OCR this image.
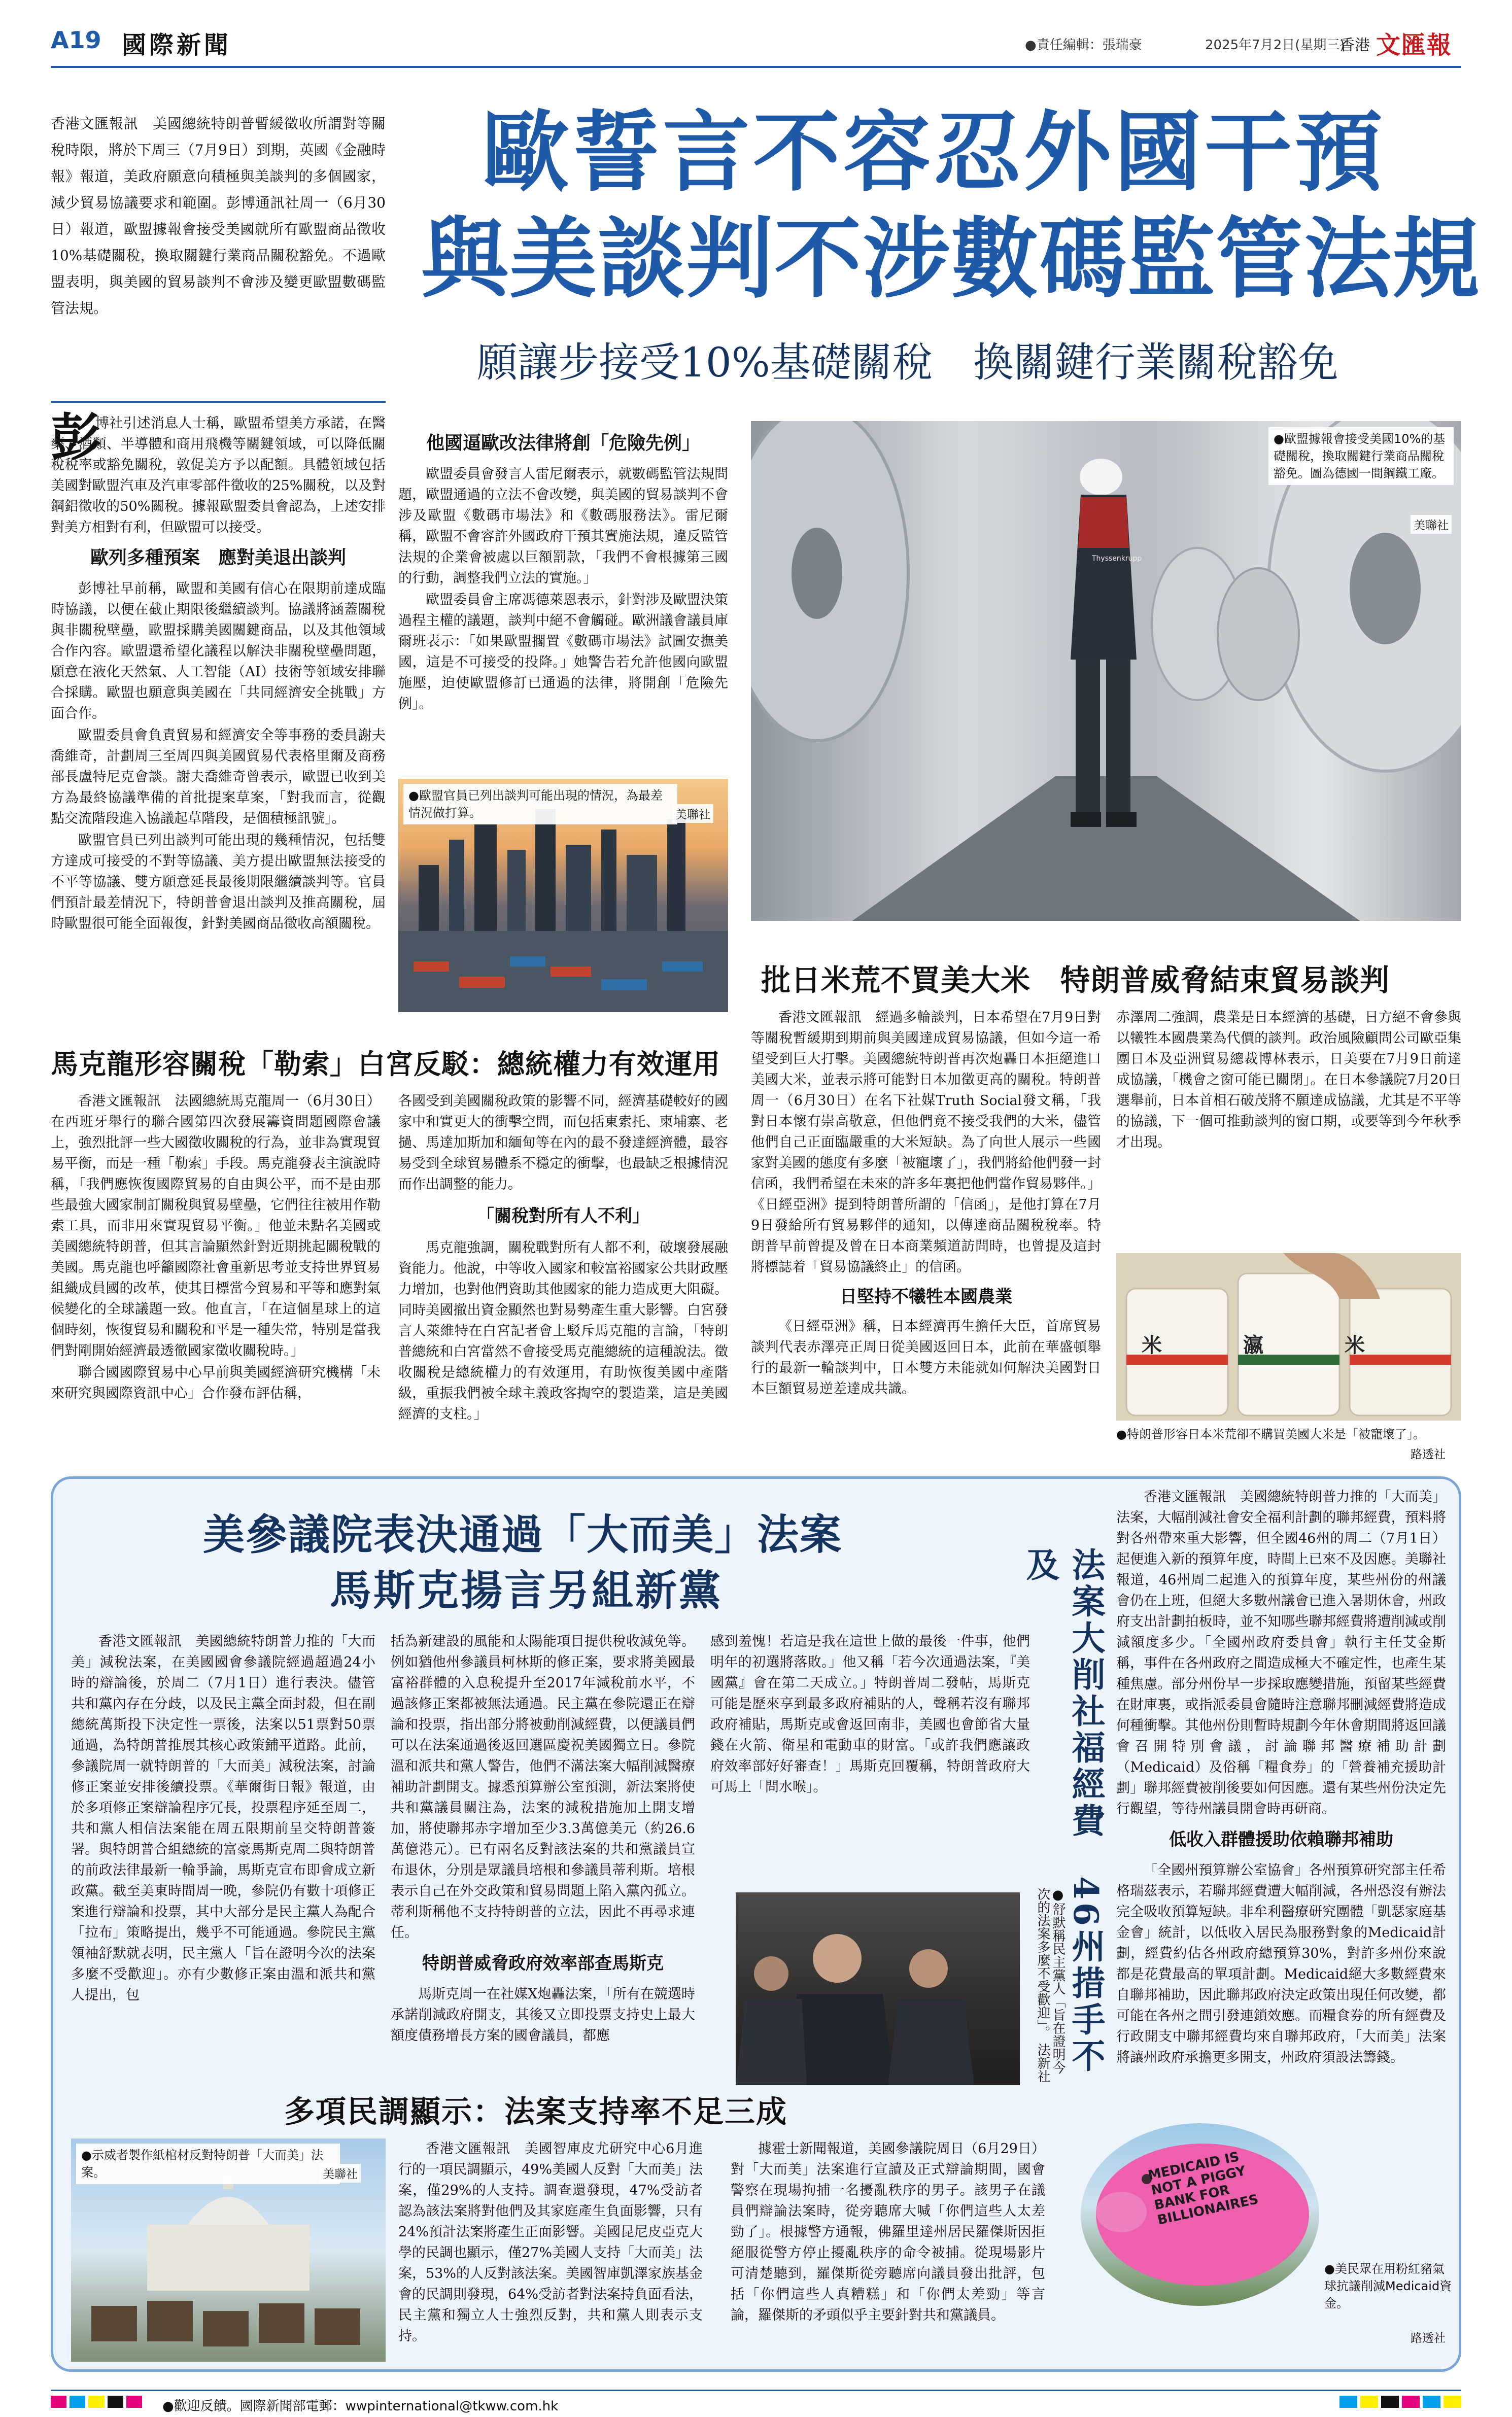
A19 國際新聞	●責任編輯：張瑞豪	2025年7月2日(星期三)
香港 文匯報
香港文匯報訊　美國總統特朗普暫緩徵收所謂對等關稅時限，將於下周三（7月9日）到期，英國《金融時報》報道，美政府願意向積極與美談判的多個國家，減少貿易協議要求和範圍。彭博通訊社周一（6月30日）報道，歐盟據報會接受美國就所有歐盟商品徵收10%基礎關稅，換取關鍵行業商品關稅豁免。不過歐盟表明，與美國的貿易談判不會涉及變更歐盟數碼監管法規。
歐誓言不容忍外國干預
與美談判不涉數碼監管法規
願讓步接受10%基礎關稅　換關鍵行業關稅豁免
彭

博社引述消息人士稱，歐盟希望美方承諾，在醫藥、酒類、半導體和商用飛機等關鍵領域，可以降低關稅稅率或豁免關稅，敦促美方予以配額。具體領域包括美國對歐盟汽車及汽車零部件徵收的25%關稅，以及對鋼鋁徵收的50%關稅。據報歐盟委員會認為，上述安排對美方相對有利，但歐盟可以接受。

歐列多種預案　應對美退出談判

彭博社早前稱，歐盟和美國有信心在限期前達成臨時協議，以便在截止期限後繼續談判。協議將涵蓋關稅與非關稅壁壘，歐盟採購美國關鍵商品，以及其他領域合作內容。歐盟還希望化議程以解決非關稅壁壘問題，願意在液化天然氣、人工智能（AI）技術等領域安排聯合採購。歐盟也願意與美國在「共同經濟安全挑戰」方面合作。

歐盟委員會負責貿易和經濟安全等事務的委員謝夫喬維奇，計劃周三至周四與美國貿易代表格里爾及商務部長盧特尼克會談。謝夫喬維奇曾表示，歐盟已收到美方為最終協議準備的首批提案草案，「對我而言，從觀點交流階段進入協議起草階段，是個積極訊號」。

歐盟官員已列出談判可能出現的幾種情況，包括雙方達成可接受的不對等協議、美方提出歐盟無法接受的不平等協議、雙方願意延長最後期限繼續談判等。官員們預計最差情況下，特朗普會退出談判及推高關稅，屆時歐盟很可能全面報復，針對美國商品徵收高額關稅。

他國逼歐改法律將創「危險先例」

歐盟委員會發言人雷尼爾表示，就數碼監管法規問題，歐盟通過的立法不會改變，與美國的貿易談判不會涉及歐盟《數碼市場法》和《數碼服務法》。雷尼爾稱，歐盟不會容許外國政府干預其實施法規，違反監管法規的企業會被處以巨額罰款，「我們不會根據第三國的行動，調整我們立法的實施。」

歐盟委員會主席馮德萊恩表示，針對涉及歐盟決策過程主權的議題，談判中絕不會觸碰。歐洲議會議員庫爾班表示：「如果歐盟擱置《數碼市場法》試圖安撫美國，這是不可接受的投降。」她警告若允許他國向歐盟施壓，迫使歐盟修訂已通過的法律，將開創「危險先例」。

●歐盟官員已列出談判可能出現的情況，為最差情況做打算。	美聯社
Thyssenkrupp
●歐盟據報會接受美國10%的基礎關稅，換取關鍵行業商品關稅豁免。圖為德國一間鋼鐵工廠。
美聯社
馬克龍形容關稅「勒索」白宮反駁：總統權力有效運用

香港文匯報訊　法國總統馬克龍周一（6月30日）在西班牙舉行的聯合國第四次發展籌資問題國際會議上，強烈批評一些大國徵收關稅的行為，並非為實現貿易平衡，而是一種「勒索」手段。馬克龍發表主演說時稱，「我們應恢復國際貿易的自由與公平，而不是由那些最強大國家制訂關稅與貿易壁壘，它們往往被用作勒索工具，而非用來實現貿易平衡。」他並未點名美國或美國總統特朗普，但其言論顯然針對近期挑起關稅戰的美國。馬克龍也呼籲國際社會重新思考並支持世界貿易組織成員國的改革，使其目標當今貿易和平等和應對氣候變化的全球議題一致。他直言，「在這個星球上的這個時刻，恢復貿易和關稅和平是一種失常，特別是當我們對剛開始經濟最透徹國家徵收關稅時。」

聯合國國際貿易中心早前與美國經濟研究機構「未來研究與國際資訊中心」合作發布評估稱，

各國受到美國關稅政策的影響不同，經濟基礎較好的國家中和實更大的衝擊空間，而包括東索托、柬埔寨、老撾、馬達加斯加和緬甸等在內的最不發達經濟體，最容易受到全球貿易體系不穩定的衝擊，也最缺乏根據情況而作出調整的能力。

「關稅對所有人不利」

馬克龍強調，關稅戰對所有人都不利，破壞發展融資能力。他說，中等收入國家和較富裕國家公共財政壓力增加，也對他們資助其他國家的能力造成更大阻礙。同時美國撤出資金顯然也對易勢產生重大影響。白宮發言人萊維特在白宮記者會上駁斥馬克龍的言論，「特朗普總統和白宮當然不會接受馬克龍總統的這種說法。徵收關稅是總統權力的有效運用，有助恢復美國中產階級，重振我們被全球主義政客掏空的製造業，這是美國經濟的支柱。」

批日米荒不買美大米　特朗普威脅結束貿易談判

香港文匯報訊　經過多輪談判，日本希望在7月9日對等關稅暫緩期到期前與美國達成貿易協議，但如今這一希望受到巨大打擊。美國總統特朗普再次炮轟日本拒絕進口美國大米，並表示將可能對日本加徵更高的關稅。特朗普周一（6月30日）在名下社媒Truth Social發文稱，「我對日本懷有崇高敬意，但他們竟不接受我們的大米，儘管他們自己正面臨嚴重的大米短缺。為了向世人展示一些國家對美國的態度有多麼「被寵壞了」，我們將給他們發一封信函，我們希望在未來的許多年裏把他們當作貿易夥伴。」《日經亞洲》提到特朗普所謂的「信函」，是他打算在7月9日發給所有貿易夥伴的通知，以傳達商品關稅稅率。特朗普早前曾提及曾在日本商業頻道訪問時，也曾提及這封將標誌着「貿易協議終止」的信函。

日堅持不犧牲本國農業

《日經亞洲》稱，日本經濟再生擔任大臣，首席貿易談判代表赤澤亮正周日從美國返回日本，此前在華盛頓舉行的最新一輪談判中，日本雙方未能就如何解決美國對日本巨額貿易逆差達成共識。

赤澤周二強調，農業是日本經濟的基礎，日方絕不會參與以犧牲本國農業為代價的談判。政治風險顧問公司歐亞集團日本及亞洲貿易總裁博林表示，日美要在7月9日前達成協議，「機會之窗可能已關閉」。在日本參議院7月20日選舉前，日本首相石破茂將不願達成協議，尤其是不平等的協議，下一個可推動談判的窗口期，或要等到今年秋季才出現。

米　瀛　米
●特朗普形容日本米荒卻不購買美國大米是「被寵壞了」。
路透社
美參議院表決通過「大而美」法案
馬斯克揚言另組新黨

香港文匯報訊　美國總統特朗普力推的「大而美」減稅法案，在美國國會參議院經過超過24小時的辯論後，於周二（7月1日）進行表決。儘管共和黨內存在分歧，以及民主黨全面封殺，但在副總統萬斯投下決定性一票後，法案以51票對50票通過，為特朗普推展其核心政策鋪平道路。此前，參議院周一就特朗普的「大而美」減稅法案，討論修正案並安排後續投票。《華爾街日報》報道，由於多項修正案辯論程序冗長，投票程序延至周二，共和黨人相信法案能在周五限期前呈交特朗普簽署。與特朗普合組總統的富豪馬斯克周二與特朗普的前政法律最新一輪爭論，馬斯克宣布即會成立新政黨。截至美東時間周一晚，參院仍有數十項修正案進行辯論和投票，其中大部分是民主黨人為配合「拉布」策略提出，幾乎不可能通過。參院民主黨領袖舒默就表明，民主黨人「旨在證明今次的法案多麼不受歡迎」。亦有少數修正案由溫和派共和黨人提出，包

括為新建設的風能和太陽能項目提供稅收減免等。例如猶他州參議員柯林斯的修正案，要求將美國最富裕群體的入息稅提升至2017年減稅前水平，不過該修正案都被無法通過。民主黨在參院還正在辯論和投票，指出部分將被動削減經費，以便議員們可以在法案通過後返回選區慶祝美國獨立日。參院溫和派共和黨人警告，他們不滿法案大幅削減醫療補助計劃開支。據悉預算辦公室預測，新法案將使共和黨議員關注為，法案的減稅措施加上開支增加，將使聯邦赤字增加至少3.3萬億美元（約26.6萬億港元）。已有兩名反對該法案的共和黨議員宣布退休，分別是眾議員培根和參議員蒂利斯。培根表示自己在外交政策和貿易問題上陷入黨內孤立。蒂利斯稱他不支持特朗普的立法，因此不再尋求連任。

特朗普威脅政府效率部查馬斯克

馬斯克周一在社媒X炮轟法案，「所有在競選時承諾削減政府開支，其後又立即投票支持史上最大額度債務增長方案的國會議員，都應

感到羞愧！若這是我在這世上做的最後一件事，他們明年的初選將落敗。」他又稱「若今次通過法案，『美國黨』會在第二天成立。」特朗普周二發帖，馬斯克可能是歷來享到最多政府補貼的人，聲稱若沒有聯邦政府補貼，馬斯克或會返回南非，美國也會節省大量錢在火箭、衛星和電動車的財富。「或許我們應讓政府效率部好好審查！」馬斯克回覆稱，特朗普政府大可馬上「問水喉」。

●舒默稱民主黨人「旨在證明今次的法案多麼不受歡迎」。 法新社 法案大削社福經費　46州措手不及

香港文匯報訊　美國總統特朗普力推的「大而美」法案，大幅削減社會安全福利計劃的聯邦經費，預料將對各州帶來重大影響，但全國46州的周二（7月1日）起便進入新的預算年度，時間上已來不及因應。美聯社報道，46州周二起進入的預算年度，某些州份的州議會仍在上班，但絕大多數州議會已進入暑期休會，州政府支出計劃拍板時，並不知哪些聯邦經費將遭削減或削減額度多少。「全國州政府委員會」執行主任艾金斯稱，事件在各州政府之間造成極大不確定性，也產生某種焦慮。部分州份早一步採取應變措施，預留某些經費在財庫裏，或指派委員會隨時注意聯邦刪減經費將造成何種衝擊。其他州份則暫時規劃今年休會期間將返回議會召開特別會議，討論聯邦醫療補助計劃（Medicaid）及俗稱「糧食券」的「營養補充援助計劃」聯邦經費被削後要如何因應。還有某些州份決定先行觀望，等待州議員開會時再研商。

低收入群體援助依賴聯邦補助

「全國州預算辦公室協會」各州預算研究部主任希格瑞茲表示，若聯邦經費遭大幅削減，各州恐沒有辦法完全吸收預算短缺。非牟利醫療研究團體「凱瑟家庭基金會」統計，以低收入居民為服務對象的Medicaid計劃，經費約佔各州政府總預算30%，對許多州份來說都是花費最高的單項計劃。Medicaid絕大多數經費來自聯邦補助，因此聯邦政府決定政策出現任何改變，都可能在各州之間引發連鎖效應。而糧食券的所有經費及行政開支中聯邦經費均來自聯邦政府，「大而美」法案將讓州政府承擔更多開支，州政府須設法籌錢。

MEDICAID IS NOT A PIGGY BANK FOR BILLIONAIRES
●美民眾在用粉紅豬氣球抗議削減Medicaid資金。
路透社
多項民調顯示：法案支持率不足三成
●示威者製作紙棺材反對特朗普「大而美」法案。	美聯社

香港文匯報訊　美國智庫皮尤研究中心6月進行的一項民調顯示，49%美國人反對「大而美」法案，僅29%的人支持。調查還發現，47%受訪者認為該法案將對他們及其家庭產生負面影響，只有24%預計法案將產生正面影響。美國昆尼皮亞克大學的民調也顯示，僅27%美國人支持「大而美」法案，53%的人反對該法案。美國智庫凱澤家族基金會的民調則發現，64%受訪者對法案持負面看法，民主黨和獨立人士強烈反對，共和黨人則表示支持。

據霍士新聞報道，美國參議院周日（6月29日）對「大而美」法案進行宣讀及正式辯論期間，國會警察在現場拘捕一名擾亂秩序的男子。該男子在議員們辯論法案時，從旁聽席大喊「你們這些人太差勁了」。根據警方通報，佛羅里達州居民羅傑斯因拒絕服從警方停止擾亂秩序的命令被捕。從現場影片可清楚聽到，羅傑斯從旁聽席向議員發出批評，包括「你們這些人真糟糕」和「你們太差勁」等言論，羅傑斯的矛頭似乎主要針對共和黨議員。

●歡迎反饋。國際新聞部電郵：wwpinternational@tkww.com.hk
